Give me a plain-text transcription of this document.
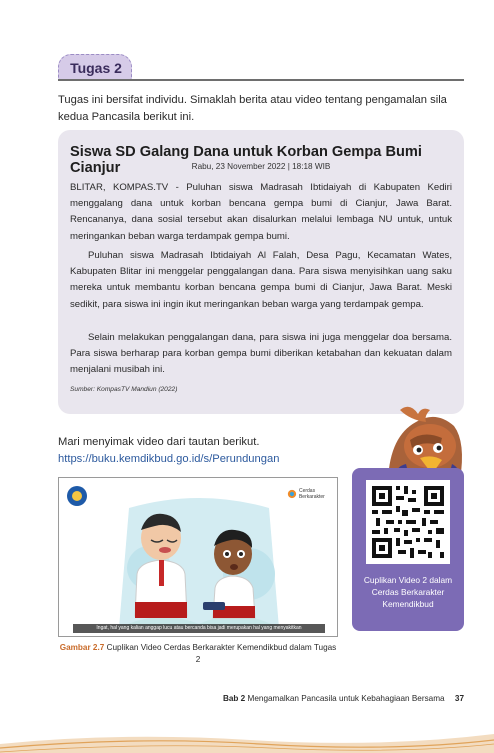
Tugas 2
Tugas ini bersifat individu. Simaklah berita atau video tentang pengamalan sila kedua Pancasila berikut ini.
Siswa SD Galang Dana untuk Korban Gempa Bumi Cianjur	Rabu, 23 November 2022 | 18:18 WIB
BLITAR, KOMPAS.TV - Puluhan siswa Madrasah Ibtidaiyah di Kabupaten Kediri menggalang dana untuk korban bencana gempa bumi di Cianjur, Jawa Barat. Rencananya, dana sosial tersebut akan disalurkan melalui lembaga NU untuk, untuk meringankan beban warga terdampak gempa bumi.
Puluhan siswa Madrasah Ibtidaiyah Al Falah, Desa Pagu, Kecamatan Wates, Kabupaten Blitar ini menggelar penggalangan dana. Para siswa menyisihkan uang saku mereka untuk membantu korban bencana gempa bumi di Cianjur, Jawa Barat. Meski sedikit, para siswa ini ingin ikut meringankan beban warga yang terdampak gempa.
Selain melakukan penggalangan dana, para siswa ini juga menggelar doa bersama. Para siswa berharap para korban gempa bumi diberikan ketabahan dan kekuatan dalam menjalani musibah ini.
Sumber: KompasTV Mandiun (2022)
Mari menyimak video dari tautan berikut.
https://buku.kemdikbud.go.id/s/Perundungan
Cerdas Berkarakter
Ingat, hal yang kalian anggap lucu atau bercanda bisa jadi merupakan hal yang menyakitkan
Gambar 2.7 Cuplikan Video Cerdas Berkarakter Kemendikbud dalam Tugas 2
Cuplikan Video 2 dalam Cerdas Berkarakter Kemendikbud
Bab 2 Mengamalkan Pancasila untuk Kebahagiaan Bersama 37
